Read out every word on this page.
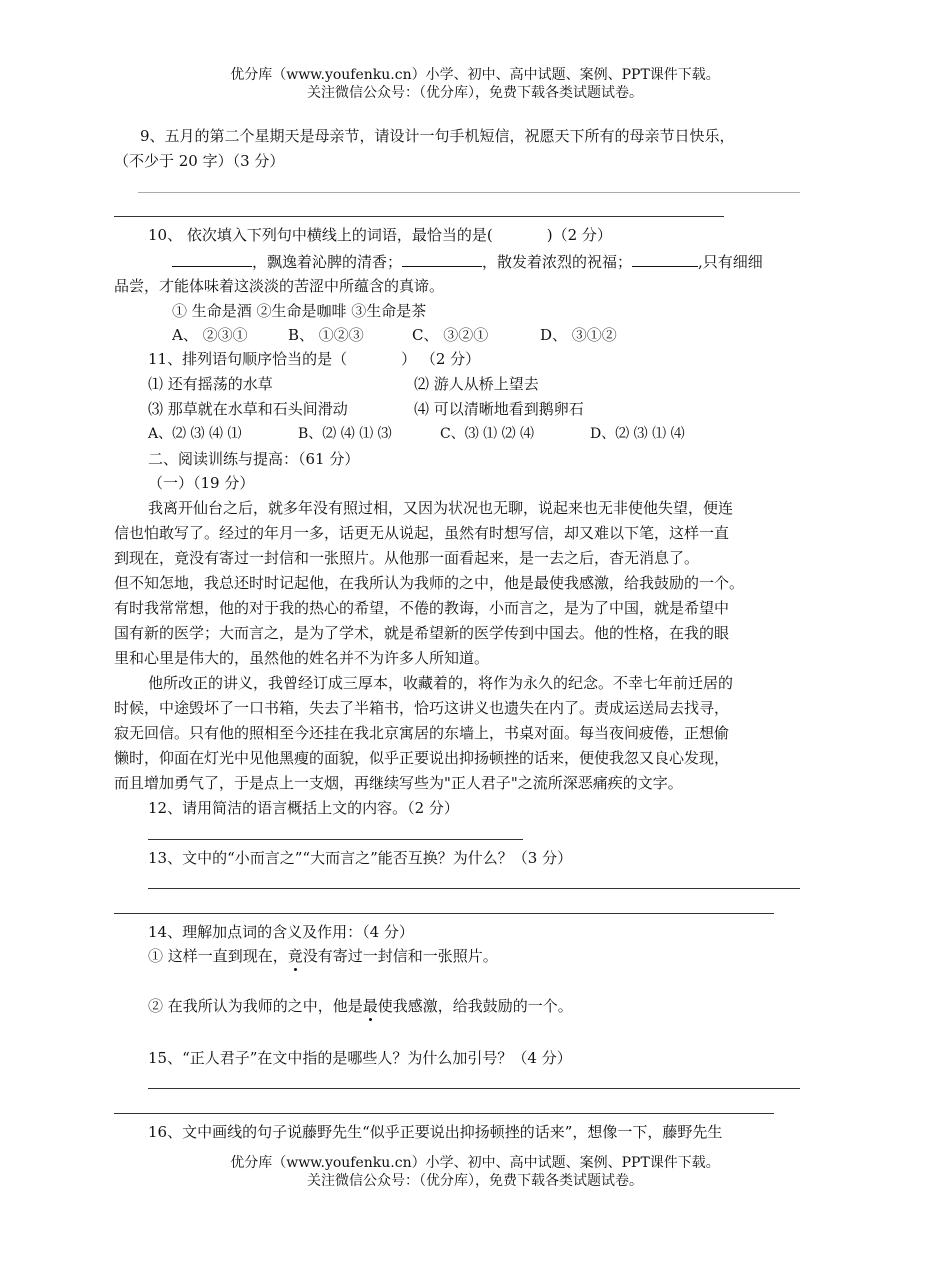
优分库（www.youfenku.cn）小学、初中、高中试题、案例、PPT课件下载。
关注微信公众号：（优分库），免费下载各类试题试卷。
9、五月的第二个星期天是母亲节，请设计一句手机短信，祝愿天下所有的母亲节日快乐，
（不少于 20 字）（3 分）
10、 依次填入下列句中横线上的词语，最恰当的是(	)（2 分）
，飘逸着沁脾的清香；	，散发着浓烈的祝福；	,只有细细
品尝，才能体味着这淡淡的苦涩中所蕴含的真谛。
① 生命是酒 ②生命是咖啡 ③生命是茶
A、 ②③①	B、 ①②③	C、 ③②①	D、 ③①②
11、排列语句顺序恰当的是（	） （2 分）
⑴ 还有摇荡的水草	⑵ 游人从桥上望去
⑶ 那草就在水草和石头间滑动	⑷ 可以清晰地看到鹅卵石
A、⑵ ⑶ ⑷ ⑴	B、⑵ ⑷ ⑴ ⑶	C、⑶ ⑴ ⑵ ⑷	D、⑵ ⑶ ⑴ ⑷
二、阅读训练与提高：（61 分）
（一）（19 分）
我离开仙台之后，就多年没有照过相，又因为状况也无聊，说起来也无非使他失望，便连
信也怕敢写了。经过的年月一多，话更无从说起，虽然有时想写信，却又难以下笔，这样一直
到现在，竟没有寄过一封信和一张照片。从他那一面看起来，是一去之后，杳无消息了。
但不知怎地，我总还时时记起他，在我所认为我师的之中，他是最使我感激，给我鼓励的一个。
有时我常常想，他的对于我的热心的希望，不倦的教诲，小而言之，是为了中国，就是希望中
国有新的医学；大而言之，是为了学术，就是希望新的医学传到中国去。他的性格，在我的眼
里和心里是伟大的，虽然他的姓名并不为许多人所知道。
他所改正的讲义，我曾经订成三厚本，收藏着的，将作为永久的纪念。不幸七年前迁居的
时候，中途毁坏了一口书箱，失去了半箱书，恰巧这讲义也遗失在内了。责成运送局去找寻，
寂无回信。只有他的照相至今还挂在我北京寓居的东墙上，书桌对面。每当夜间疲倦，正想偷
懒时，仰面在灯光中见他黑瘦的面貌，似乎正要说出抑扬顿挫的话来，便使我忽又良心发现，
而且增加勇气了，于是点上一支烟，再继续写些为"正人君子"之流所深恶痛疾的文字。
12、请用简洁的语言概括上文的内容。（2 分）
13、文中的“小而言之”“大而言之”能否互换？为什么？（3 分）
14、理解加点词的含义及作用：（4 分）
① 这样一直到现在，竟没有寄过一封信和一张照片。
② 在我所认为我师的之中，他是最使我感激，给我鼓励的一个。
15、“正人君子”在文中指的是哪些人？为什么加引号？（4 分）
16、文中画线的句子说藤野先生“似乎正要说出抑扬顿挫的话来”，想像一下，藤野先生
优分库（www.youfenku.cn）小学、初中、高中试题、案例、PPT课件下载。
关注微信公众号：（优分库），免费下载各类试题试卷。
